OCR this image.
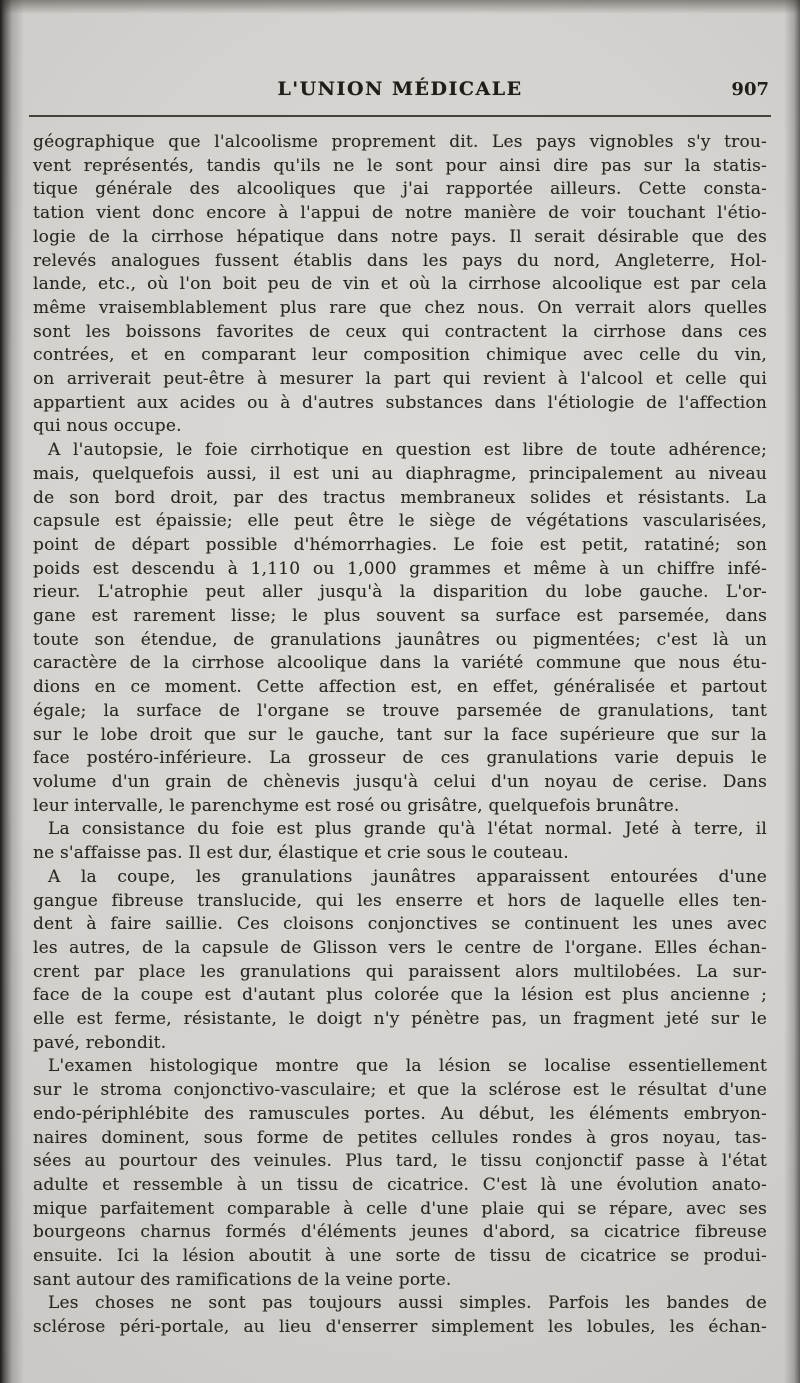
L'UNION MÉDICALE	907

géographique que l'alcoolisme proprement dit. Les pays vignobles s'y trou-
vent représentés, tandis qu'ils ne le sont pour ainsi dire pas sur la statis-
tique générale des alcooliques que j'ai rapportée ailleurs. Cette consta-
tation vient donc encore à l'appui de notre manière de voir touchant l'étio-
logie de la cirrhose hépatique dans notre pays. Il serait désirable que des
relevés analogues fussent établis dans les pays du nord, Angleterre, Hol-
lande, etc., où l'on boit peu de vin et où la cirrhose alcoolique est par cela
même vraisemblablement plus rare que chez nous. On verrait alors quelles
sont les boissons favorites de ceux qui contractent la cirrhose dans ces
contrées, et en comparant leur composition chimique avec celle du vin,
on arriverait peut-être à mesurer la part qui revient à l'alcool et celle qui
appartient aux acides ou à d'autres substances dans l'étiologie de l'affection
qui nous occupe.

A l'autopsie, le foie cirrhotique en question est libre de toute adhérence;
mais, quelquefois aussi, il est uni au diaphragme, principalement au niveau
de son bord droit, par des tractus membraneux solides et résistants. La
capsule est épaissie; elle peut être le siège de végétations vascularisées,
point de départ possible d'hémorrhagies. Le foie est petit, ratatiné; son
poids est descendu à 1,110 ou 1,000 grammes et même à un chiffre infé-
rieur. L'atrophie peut aller jusqu'à la disparition du lobe gauche. L'or-
gane est rarement lisse; le plus souvent sa surface est parsemée, dans
toute son étendue, de granulations jaunâtres ou pigmentées; c'est là un
caractère de la cirrhose alcoolique dans la variété commune que nous étu-
dions en ce moment. Cette affection est, en effet, généralisée et partout
égale; la surface de l'organe se trouve parsemée de granulations, tant
sur le lobe droit que sur le gauche, tant sur la face supérieure que sur la
face postéro-inférieure. La grosseur de ces granulations varie depuis le
volume d'un grain de chènevis jusqu'à celui d'un noyau de cerise. Dans
leur intervalle, le parenchyme est rosé ou grisâtre, quelquefois brunâtre.

La consistance du foie est plus grande qu'à l'état normal. Jeté à terre, il
ne s'affaisse pas. Il est dur, élastique et crie sous le couteau.

A la coupe, les granulations jaunâtres apparaissent entourées d'une
gangue fibreuse translucide, qui les enserre et hors de laquelle elles ten-
dent à faire saillie. Ces cloisons conjonctives se continuent les unes avec
les autres, de la capsule de Glisson vers le centre de l'organe. Elles échan-
crent par place les granulations qui paraissent alors multilobées. La sur-
face de la coupe est d'autant plus colorée que la lésion est plus ancienne ;
elle est ferme, résistante, le doigt n'y pénètre pas, un fragment jeté sur le
pavé, rebondit.

L'examen histologique montre que la lésion se localise essentiellement
sur le stroma conjonctivo-vasculaire; et que la sclérose est le résultat d'une
endo-périphlébite des ramuscules portes. Au début, les éléments embryon-
naires dominent, sous forme de petites cellules rondes à gros noyau, tas-
sées au pourtour des veinules. Plus tard, le tissu conjonctif passe à l'état
adulte et ressemble à un tissu de cicatrice. C'est là une évolution anato-
mique parfaitement comparable à celle d'une plaie qui se répare, avec ses
bourgeons charnus formés d'éléments jeunes d'abord, sa cicatrice fibreuse
ensuite. Ici la lésion aboutit à une sorte de tissu de cicatrice se produi-
sant autour des ramifications de la veine porte.

Les choses ne sont pas toujours aussi simples. Parfois les bandes de
sclérose péri-portale, au lieu d'enserrer simplement les lobules, les échan-
